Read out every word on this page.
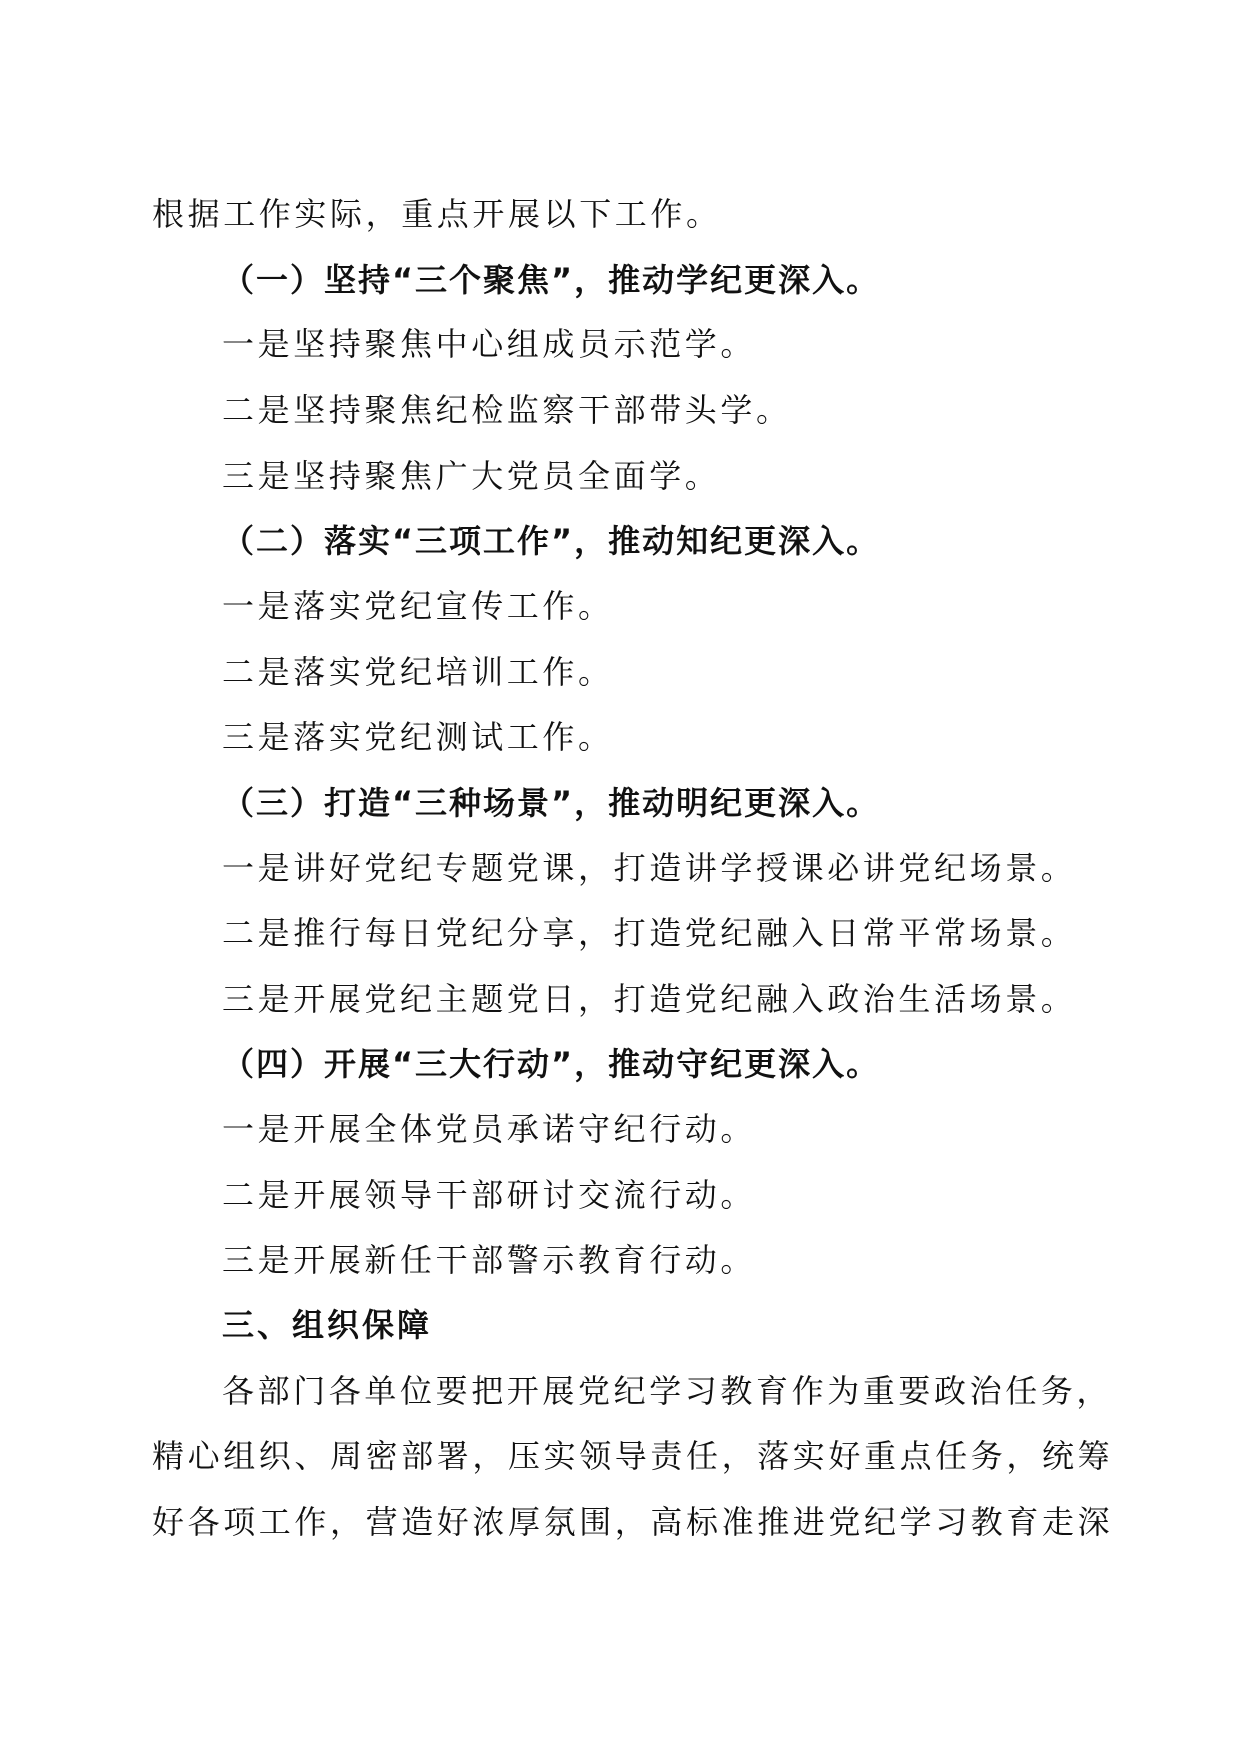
根据工作实际，重点开展以下工作。
（一）坚持“三个聚焦”，推动学纪更深入。
一是坚持聚焦中心组成员示范学。
二是坚持聚焦纪检监察干部带头学。
三是坚持聚焦广大党员全面学。
（二）落实“三项工作”，推动知纪更深入。
一是落实党纪宣传工作。
二是落实党纪培训工作。
三是落实党纪测试工作。
（三）打造“三种场景”，推动明纪更深入。
一是讲好党纪专题党课，打造讲学授课必讲党纪场景。
二是推行每日党纪分享，打造党纪融入日常平常场景。
三是开展党纪主题党日，打造党纪融入政治生活场景。
（四）开展“三大行动”，推动守纪更深入。
一是开展全体党员承诺守纪行动。
二是开展领导干部研讨交流行动。
三是开展新任干部警示教育行动。
三、组织保障
各部门各单位要把开展党纪学习教育作为重要政治任务，
精心组织、周密部署，压实领导责任，落实好重点任务，统筹
好各项工作，营造好浓厚氛围，高标准推进党纪学习教育走深
